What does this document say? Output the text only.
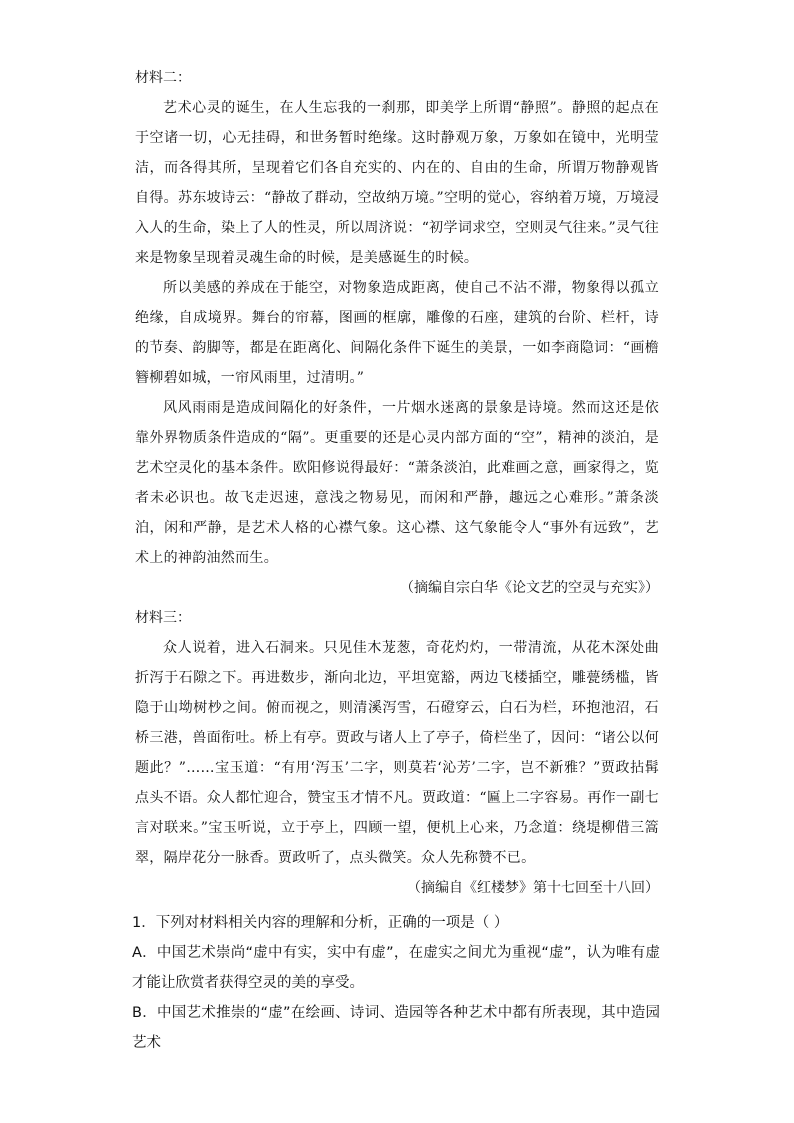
材料二：

艺术心灵的诞生，在人生忘我的一刹那，即美学上所谓“静照”。静照的起点在于空诸一切，心无挂碍，和世务暂时绝缘。这时静观万象，万象如在镜中，光明莹洁，而各得其所，呈现着它们各自充实的、内在的、自由的生命，所谓万物静观皆自得。苏东坡诗云：“静故了群动，空故纳万境。”空明的觉心，容纳着万境，万境浸入人的生命，染上了人的性灵，所以周济说：“初学词求空，空则灵气往来。”灵气往来是物象呈现着灵魂生命的时候，是美感诞生的时候。

所以美感的养成在于能空，对物象造成距离，使自己不沾不滞，物象得以孤立绝缘，自成境界。舞台的帘幕，图画的框廓，雕像的石座，建筑的台阶、栏杆，诗的节奏、韵脚等，都是在距离化、间隔化条件下诞生的美景，一如李商隐词：“画檐簪柳碧如城，一帘风雨里，过清明。”

风风雨雨是造成间隔化的好条件，一片烟水迷离的景象是诗境。然而这还是依靠外界物质条件造成的“隔”。更重要的还是心灵内部方面的“空”，精神的淡泊，是艺术空灵化的基本条件。欧阳修说得最好：“萧条淡泊，此难画之意，画家得之，览者未必识也。故飞走迟速，意浅之物易见，而闲和严静，趣远之心难形。”萧条淡泊，闲和严静，是艺术人格的心襟气象。这心襟、这气象能令人“事外有远致”，艺术上的神韵油然而生。

（摘编自宗白华《论文艺的空灵与充实》）

材料三：

众人说着，进入石洞来。只见佳木茏葱，奇花灼灼，一带清流，从花木深处曲折泻于石隙之下。再进数步，渐向北边，平坦宽豁，两边飞楼插空，雕甍绣槛，皆隐于山坳树杪之间。俯而视之，则清溪泻雪，石磴穿云，白石为栏，环抱池沼，石桥三港，兽面衔吐。桥上有亭。贾政与诸人上了亭子，倚栏坐了，因问：“诸公以何题此？”……宝玉道：“有用‘泻玉’二字，则莫若‘沁芳’二字，岂不新雅？”贾政拈髯点头不语。众人都忙迎合，赞宝玉才情不凡。贾政道：“匾上二字容易。再作一副七言对联来。”宝玉听说，立于亭上，四顾一望，便机上心来，乃念道：绕堤柳借三篙翠，隔岸花分一脉香。贾政听了，点头微笑。众人先称赞不已。

（摘编自《红楼梦》第十七回至十八回）

1．下列对材料相关内容的理解和分析，正确的一项是（ ）

A．中国艺术崇尚“虚中有实，实中有虚”，在虚实之间尤为重视“虚”，认为唯有虚才能让欣赏者获得空灵的美的享受。

B．中国艺术推崇的“虚”在绘画、诗词、造园等各种艺术中都有所表现，其中造园艺术
